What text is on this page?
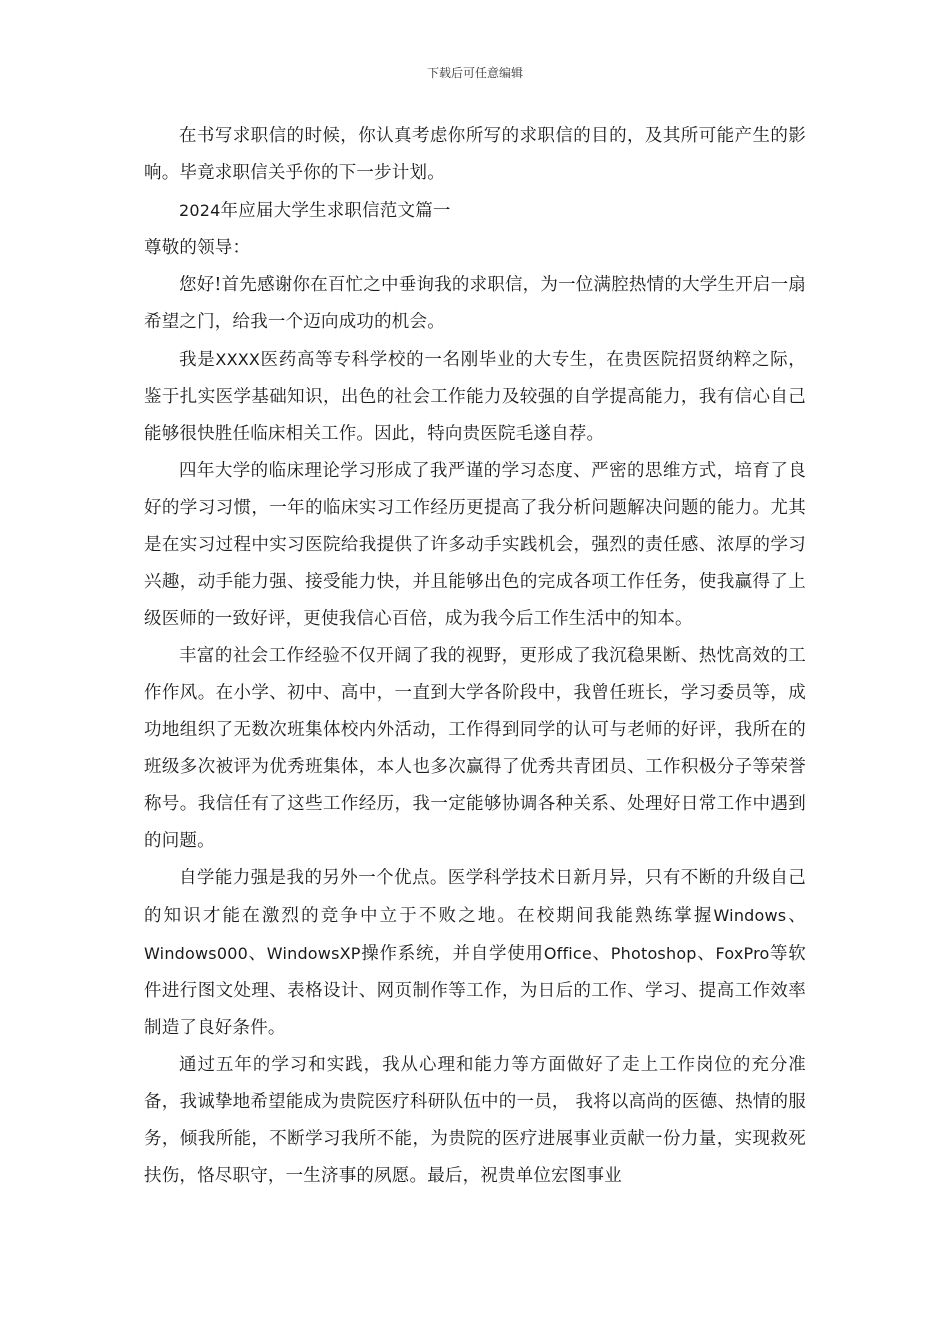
下载后可任意编辑

在书写求职信的时候，你认真考虑你所写的求职信的目的，及其所可能产生的影响。毕竟求职信关乎你的下一步计划。

2024年应届大学生求职信范文篇一

尊敬的领导：

您好!首先感谢你在百忙之中垂询我的求职信，为一位满腔热情的大学生开启一扇希望之门，给我一个迈向成功的机会。

我是XXXX医药高等专科学校的一名刚毕业的大专生，在贵医院招贤纳粹之际，鉴于扎实医学基础知识，出色的社会工作能力及较强的自学提高能力，我有信心自己能够很快胜任临床相关工作。因此，特向贵医院毛遂自荐。

四年大学的临床理论学习形成了我严谨的学习态度、严密的思维方式，培育了良好的学习习惯，一年的临床实习工作经历更提高了我分析问题解决问题的能力。尤其是在实习过程中实习医院给我提供了许多动手实践机会，强烈的责任感、浓厚的学习兴趣，动手能力强、接受能力快，并且能够出色的完成各项工作任务，使我赢得了上级医师的一致好评，更使我信心百倍，成为我今后工作生活中的知本。

丰富的社会工作经验不仅开阔了我的视野，更形成了我沉稳果断、热忱高效的工作作风。在小学、初中、高中，一直到大学各阶段中，我曾任班长，学习委员等，成功地组织了无数次班集体校内外活动，工作得到同学的认可与老师的好评，我所在的班级多次被评为优秀班集体，本人也多次赢得了优秀共青团员、工作积极分子等荣誉称号。我信任有了这些工作经历，我一定能够协调各种关系、处理好日常工作中遇到的问题。

自学能力强是我的另外一个优点。医学科学技术日新月异，只有不断的升级自己的知识才能在激烈的竞争中立于不败之地。在校期间我能熟练掌握Windows、Windows000、WindowsXP操作系统，并自学使用Office、Photoshop、FoxPro等软件进行图文处理、表格设计、网页制作等工作，为日后的工作、学习、提高工作效率制造了良好条件。

通过五年的学习和实践，我从心理和能力等方面做好了走上工作岗位的充分准备，我诚挚地希望能成为贵院医疗科研队伍中的一员， 我将以高尚的医德、热情的服务，倾我所能，不断学习我所不能，为贵院的医疗进展事业贡献一份力量，实现救死扶伤，恪尽职守，一生济事的夙愿。最后，祝贵单位宏图事业
